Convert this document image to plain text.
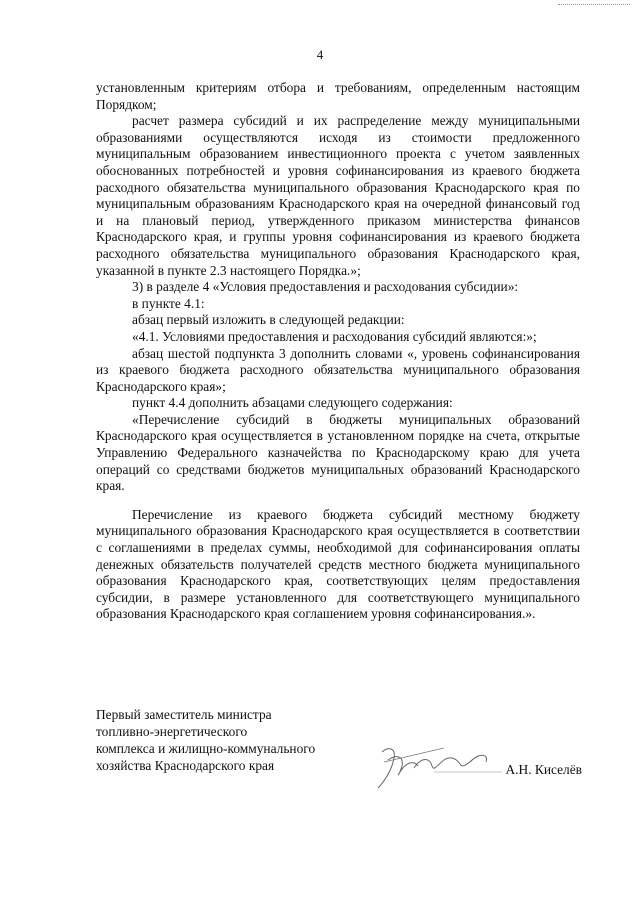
4

установленным критериям отбора и требованиям, определенным настоящим Порядком;

расчет размера субсидий и их распределение между муниципальными образованиями осуществляются исходя из стоимости предложенного муниципальным образованием инвестиционного проекта с учетом заявленных обоснованных потребностей и уровня софинансирования из краевого бюджета расходного обязательства муниципального образования Краснодарского края по муниципальным образованиям Краснодарского края на очередной финансовый год и на плановый период, утвержденного приказом министерства финансов Краснодарского края, и группы уровня софинансирования из краевого бюджета расходного обязательства муниципального образования Краснодарского края, указанной в пункте 2.3 настоящего Порядка.»;

3) в разделе 4 «Условия предоставления и расходования субсидии»:

в пункте 4.1:

абзац первый изложить в следующей редакции:

«4.1. Условиями предоставления и расходования субсидий являются:»;

абзац шестой подпункта 3 дополнить словами «, уровень софинансирования из краевого бюджета расходного обязательства муниципального образования Краснодарского края»;

пункт 4.4 дополнить абзацами следующего содержания:

«Перечисление субсидий в бюджеты муниципальных образований Краснодарского края осуществляется в установленном порядке на счета, открытые Управлению Федерального казначейства по Краснодарскому краю для учета операций со средствами бюджетов муниципальных образований Краснодарского края.

Перечисление из краевого бюджета субсидий местному бюджету муниципального образования Краснодарского края осуществляется в соответствии с соглашениями в пределах суммы, необходимой для софинансирования оплаты денежных обязательств получателей средств местного бюджета муниципального образования Краснодарского края, соответствующих целям предоставления субсидии, в размере установленного для соответствующего муниципального образования Краснодарского края соглашением уровня софинансирования.».

Первый заместитель министра
топливно-энергетического
комплекса и жилищно-коммунального
хозяйства Краснодарского края	А.Н. Киселёв
